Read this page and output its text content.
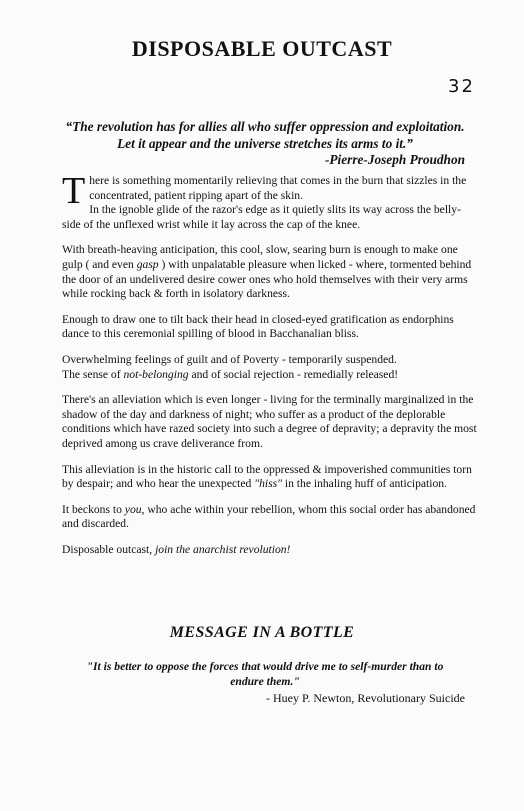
DISPOSABLE OUTCAST
32
“The revolution has for allies all who suffer oppression and exploitation. Let it appear and the universe stretches its arms to it.”
-Pierre-Joseph Proudhon

There is something momentarily relieving that comes in the burn that sizzles in the concentrated, patient ripping apart of the skin.
In the ignoble glide of the razor's edge as it quietly slits its way across the belly-side of the unflexed wrist while it lay across the cap of the knee.

With breath-heaving anticipation, this cool, slow, searing burn is enough to make one gulp ( and even gasp ) with unpalatable pleasure when licked - where, tormented behind the door of an undelivered desire cower ones who hold themselves with their very arms while rocking back & forth in isolatory darkness.

Enough to draw one to tilt back their head in closed-eyed gratification as endorphins dance to this ceremonial spilling of blood in Bacchanalian bliss.

Overwhelming feelings of guilt and of Poverty - temporarily suspended.
The sense of not-belonging and of social rejection - remedially released!

There's an alleviation which is even longer - living for the terminally marginalized in the shadow of the day and darkness of night; who suffer as a product of the deplorable conditions which have razed society into such a degree of depravity; a depravity the most deprived among us crave deliverance from.

This alleviation is in the historic call to the oppressed & impoverished communities torn by despair; and who hear the unexpected "hiss" in the inhaling huff of anticipation.

It beckons to you, who ache within your rebellion, whom this social order has abandoned and discarded.

Disposable outcast, join the anarchist revolution!

MESSAGE IN A BOTTLE
"It is better to oppose the forces that would drive me to self-murder than to endure them."
- Huey P. Newton, Revolutionary Suicide
